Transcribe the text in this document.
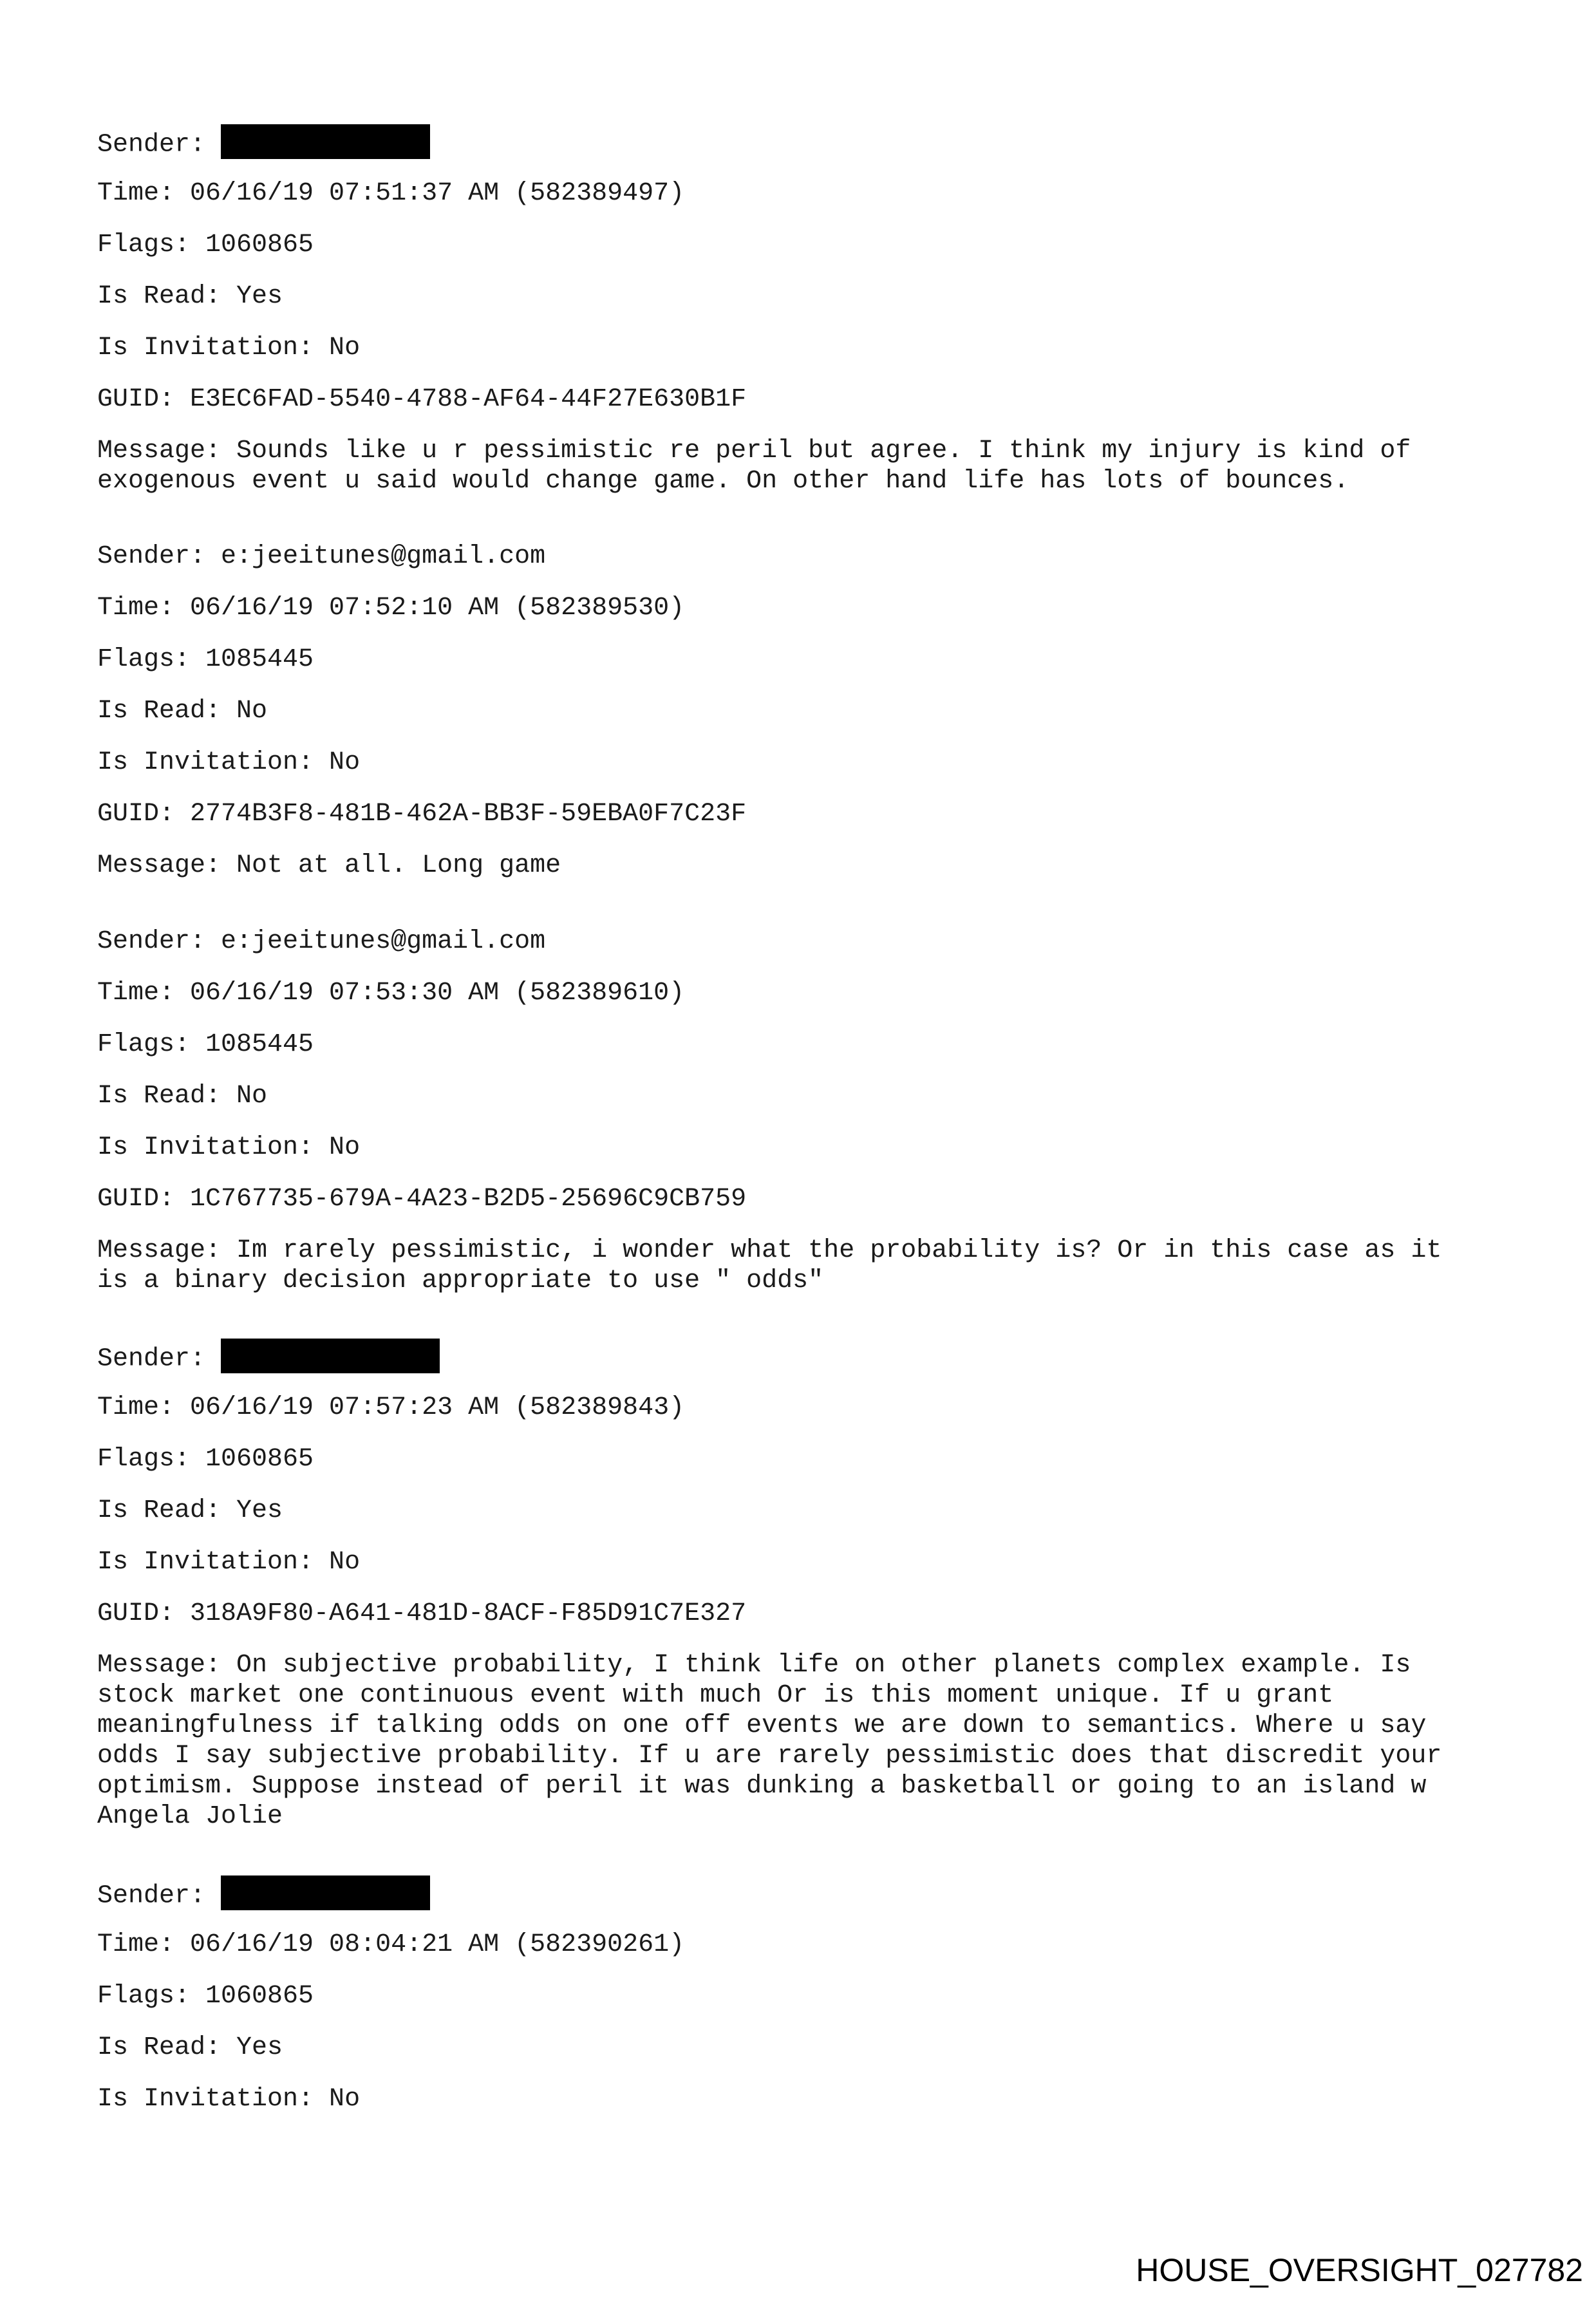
Sender:
Time: 06/16/19 07:51:37 AM (582389497)
Flags: 1060865
Is Read: Yes
Is Invitation: No
GUID: E3EC6FAD-5540-4788-AF64-44F27E630B1F
Message: Sounds like u r pessimistic re peril but agree. I think my injury is kind of
exogenous event u said would change game. On other hand life has lots of bounces.
Sender: e:jeeitunes@gmail.com
Time: 06/16/19 07:52:10 AM (582389530)
Flags: 1085445
Is Read: No
Is Invitation: No
GUID: 2774B3F8-481B-462A-BB3F-59EBA0F7C23F
Message: Not at all. Long game
Sender: e:jeeitunes@gmail.com
Time: 06/16/19 07:53:30 AM (582389610)
Flags: 1085445
Is Read: No
Is Invitation: No
GUID: 1C767735-679A-4A23-B2D5-25696C9CB759
Message: Im rarely pessimistic, i wonder what the probability is? Or in this case as it
is a binary decision appropriate to use " odds"
Sender:
Time: 06/16/19 07:57:23 AM (582389843)
Flags: 1060865
Is Read: Yes
Is Invitation: No
GUID: 318A9F80-A641-481D-8ACF-F85D91C7E327
Message: On subjective probability, I think life on other planets complex example. Is
stock market one continuous event with much Or is this moment unique. If u grant
meaningfulness if talking odds on one off events we are down to semantics. Where u say
odds I say subjective probability. If u are rarely pessimistic does that discredit your
optimism. Suppose instead of peril it was dunking a basketball or going to an island w
Angela Jolie
Sender:
Time: 06/16/19 08:04:21 AM (582390261)
Flags: 1060865
Is Read: Yes
Is Invitation: No
HOUSE_OVERSIGHT_027782
